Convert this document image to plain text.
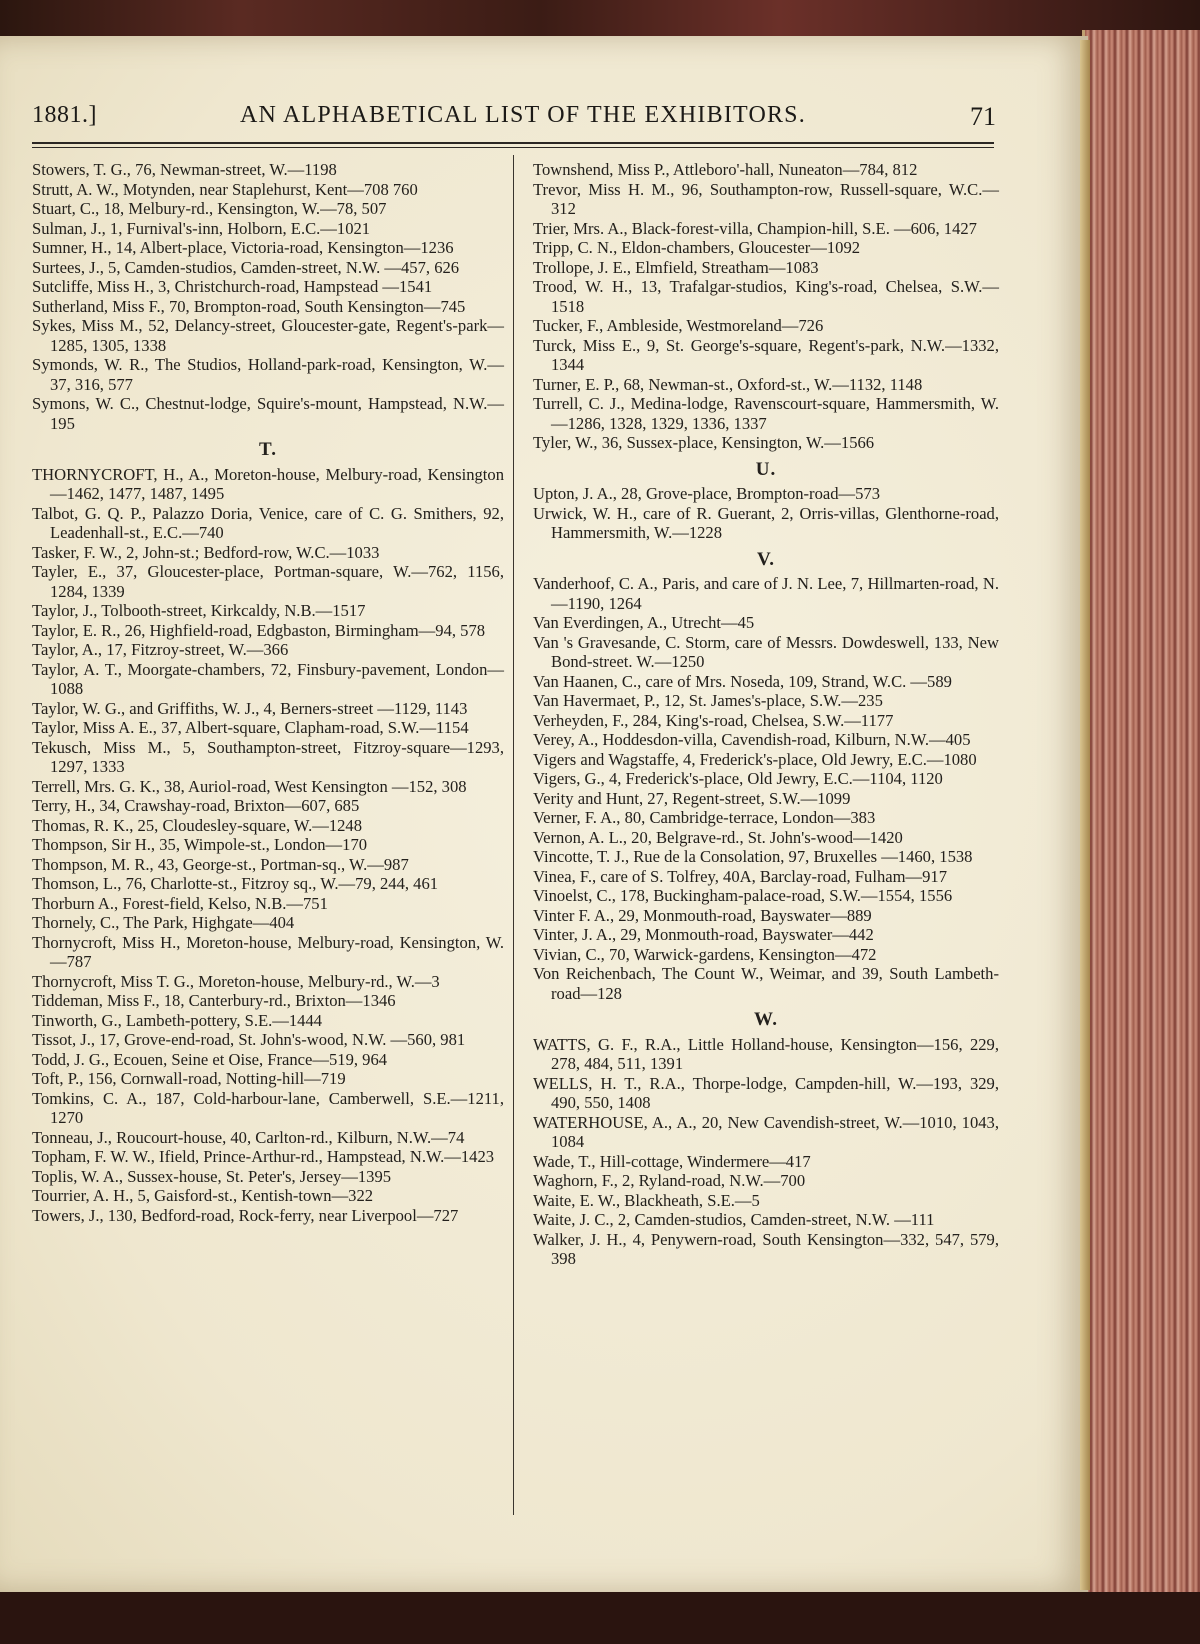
1881.]	AN ALPHABETICAL LIST OF THE EXHIBITORS.	71

Stowers, T. G., 76, Newman-street, W.—1198

Strutt, A. W., Motynden, near Staplehurst, Kent—708 760

Stuart, C., 18, Melbury-rd., Kensington, W.—78, 507

Sulman, J., 1, Furnival's-inn, Holborn, E.C.—1021

Sumner, H., 14, Albert-place, Victoria-road, Kensington—1236

Surtees, J., 5, Camden-studios, Camden-street, N.W. —457, 626

Sutcliffe, Miss H., 3, Christchurch-road, Hampstead —1541

Sutherland, Miss F., 70, Brompton-road, South Kensington—745

Sykes, Miss M., 52, Delancy-street, Gloucester-gate, Regent's-park—1285, 1305, 1338

Symonds, W. R., The Studios, Holland-park-road, Kensington, W.—37, 316, 577

Symons, W. C., Chestnut-lodge, Squire's-mount, Hampstead, N.W.—195

T.

THORNYCROFT, H., A., Moreton-house, Melbury-road, Kensington—1462, 1477, 1487, 1495

Talbot, G. Q. P., Palazzo Doria, Venice, care of C. G. Smithers, 92, Leadenhall-st., E.C.—740

Tasker, F. W., 2, John-st.; Bedford-row, W.C.—1033

Tayler, E., 37, Gloucester-place, Portman-square, W.—762, 1156, 1284, 1339

Taylor, J., Tolbooth-street, Kirkcaldy, N.B.—1517

Taylor, E. R., 26, Highfield-road, Edgbaston, Birmingham—94, 578

Taylor, A., 17, Fitzroy-street, W.—366

Taylor, A. T., Moorgate-chambers, 72, Finsbury-pavement, London—1088

Taylor, W. G., and Griffiths, W. J., 4, Berners-street —1129, 1143

Taylor, Miss A. E., 37, Albert-square, Clapham-road, S.W.—1154

Tekusch, Miss M., 5, Southampton-street, Fitzroy-square—1293, 1297, 1333

Terrell, Mrs. G. K., 38, Auriol-road, West Kensington —152, 308

Terry, H., 34, Crawshay-road, Brixton—607, 685

Thomas, R. K., 25, Cloudesley-square, W.—1248

Thompson, Sir H., 35, Wimpole-st., London—170

Thompson, M. R., 43, George-st., Portman-sq., W.—987

Thomson, L., 76, Charlotte-st., Fitzroy sq., W.—79, 244, 461

Thorburn A., Forest-field, Kelso, N.B.—751

Thornely, C., The Park, Highgate—404

Thornycroft, Miss H., Moreton-house, Melbury-road, Kensington, W.—787

Thornycroft, Miss T. G., Moreton-house, Melbury-rd., W.—3

Tiddeman, Miss F., 18, Canterbury-rd., Brixton—1346

Tinworth, G., Lambeth-pottery, S.E.—1444

Tissot, J., 17, Grove-end-road, St. John's-wood, N.W. —560, 981

Todd, J. G., Ecouen, Seine et Oise, France—519, 964

Toft, P., 156, Cornwall-road, Notting-hill—719

Tomkins, C. A., 187, Cold-harbour-lane, Camberwell, S.E.—1211, 1270

Tonneau, J., Roucourt-house, 40, Carlton-rd., Kilburn, N.W.—74

Topham, F. W. W., Ifield, Prince-Arthur-rd., Hampstead, N.W.—1423

Toplis, W. A., Sussex-house, St. Peter's, Jersey—1395

Tourrier, A. H., 5, Gaisford-st., Kentish-town—322

Towers, J., 130, Bedford-road, Rock-ferry, near Liverpool—727

Townshend, Miss P., Attleboro'-hall, Nuneaton—784, 812

Trevor, Miss H. M., 96, Southampton-row, Russell-square, W.C.—312

Trier, Mrs. A., Black-forest-villa, Champion-hill, S.E. —606, 1427

Tripp, C. N., Eldon-chambers, Gloucester—1092

Trollope, J. E., Elmfield, Streatham—1083

Trood, W. H., 13, Trafalgar-studios, King's-road, Chelsea, S.W.—1518

Tucker, F., Ambleside, Westmoreland—726

Turck, Miss E., 9, St. George's-square, Regent's-park, N.W.—1332, 1344

Turner, E. P., 68, Newman-st., Oxford-st., W.—1132, 1148

Turrell, C. J., Medina-lodge, Ravenscourt-square, Hammersmith, W.—1286, 1328, 1329, 1336, 1337

Tyler, W., 36, Sussex-place, Kensington, W.—1566

U.

Upton, J. A., 28, Grove-place, Brompton-road—573

Urwick, W. H., care of R. Guerant, 2, Orris-villas, Glenthorne-road, Hammersmith, W.—1228

V.

Vanderhoof, C. A., Paris, and care of J. N. Lee, 7, Hillmarten-road, N.—1190, 1264

Van Everdingen, A., Utrecht—45

Van 's Gravesande, C. Storm, care of Messrs. Dowdeswell, 133, New Bond-street. W.—1250

Van Haanen, C., care of Mrs. Noseda, 109, Strand, W.C. —589

Van Havermaet, P., 12, St. James's-place, S.W.—235

Verheyden, F., 284, King's-road, Chelsea, S.W.—1177

Verey, A., Hoddesdon-villa, Cavendish-road, Kilburn, N.W.—405

Vigers and Wagstaffe, 4, Frederick's-place, Old Jewry, E.C.—1080

Vigers, G., 4, Frederick's-place, Old Jewry, E.C.—1104, 1120

Verity and Hunt, 27, Regent-street, S.W.—1099

Verner, F. A., 80, Cambridge-terrace, London—383

Vernon, A. L., 20, Belgrave-rd., St. John's-wood—1420

Vincotte, T. J., Rue de la Consolation, 97, Bruxelles —1460, 1538

Vinea, F., care of S. Tolfrey, 40A, Barclay-road, Fulham—917

Vinoelst, C., 178, Buckingham-palace-road, S.W.—1554, 1556

Vinter F. A., 29, Monmouth-road, Bayswater—889

Vinter, J. A., 29, Monmouth-road, Bayswater—442

Vivian, C., 70, Warwick-gardens, Kensington—472

Von Reichenbach, The Count W., Weimar, and 39, South Lambeth-road—128

W.

WATTS, G. F., R.A., Little Holland-house, Kensington—156, 229, 278, 484, 511, 1391

WELLS, H. T., R.A., Thorpe-lodge, Campden-hill, W.—193, 329, 490, 550, 1408

WATERHOUSE, A., A., 20, New Cavendish-street, W.—1010, 1043, 1084

Wade, T., Hill-cottage, Windermere—417

Waghorn, F., 2, Ryland-road, N.W.—700

Waite, E. W., Blackheath, S.E.—5

Waite, J. C., 2, Camden-studios, Camden-street, N.W. —111

Walker, J. H., 4, Penywern-road, South Kensington—332, 547, 579, 398
